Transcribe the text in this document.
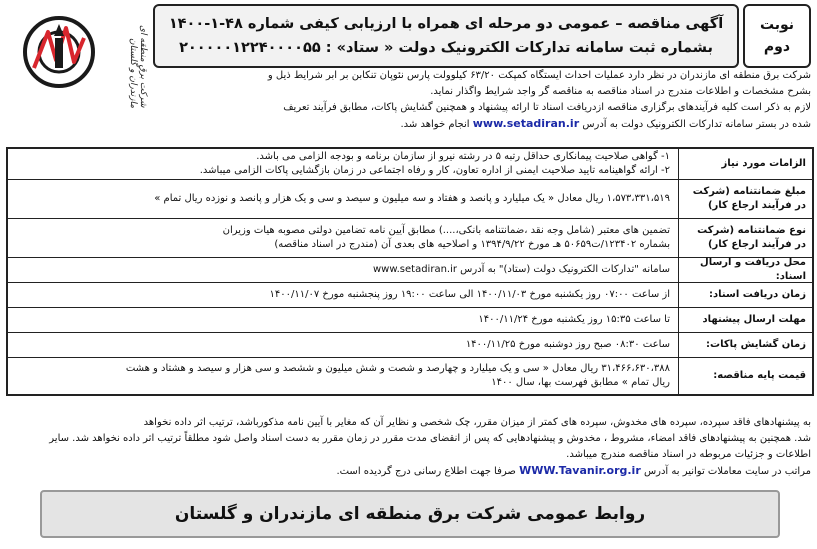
نوبت
دوم
آگهی مناقصه – عمومی دو مرحله ای همراه با ارزیابی کیفی شماره ۴۸-۱-۱۴۰۰
بشماره ثبت سامانه تدارکات الکترونیک دولت « ستاد» : ۲۰۰۰۰۰۱۲۲۴۰۰۰۰۵۵
شرکت برق منطقه ای مازندران و گلستان	شرکت برق منطقه ای مازندران در نظر دارد عملیات احداث ایستگاه کمپکت ۶۳/۲۰ کیلوولت پارس نئوپان تنکابن بر ابر شرایط ذیل و

بشرح مشخصات و اطلاعات مندرج در اسناد مناقصه به مناقصه گر واجد شرایط واگذار نماید.

لازم به ذکر است کلیه فرآیندهای برگزاری مناقصه ازدریافت اسناد تا ارائه پیشنهاد و همچنین گشایش پاکات، مطابق فرآیند تعریف

شده در بستر سامانه تدارکات الکترونیک دولت به آدرس www.setadiran.ir انجام خواهد شد.

الزامات مورد نیاز
۱- گواهی صلاحیت پیمانکاری حداقل رتبه ۵ در رشته نیرو از سازمان برنامه و بودجه الزامی می باشد.
۲- ارائه گواهینامه تایید صلاحیت ایمنی از اداره تعاون، کار و رفاه اجتماعی در زمان بازگشایی پاکات الزامی میباشد.
مبلغ ضمانتنامه (شرکت در فرآیند ارجاع کار)
۱،۵۷۳،۳۳۱،۵۱۹ ریال معادل « یک میلیارد و پانصد و هفتاد و سه میلیون و سیصد و سی و یک هزار و پانصد و نوزده ریال تمام »
نوع ضمانتنامه (شرکت در فرآیند ارجاع کار)
تضمین های معتبر (شامل وجه نقد ،ضمانتنامه بانکی،....) مطابق آیین نامه تضامین دولتی مصوبه هیات وزیران
بشماره ۱۲۳۴۰۲/ت۵۰۶۵۹ هـ مورخ ۱۳۹۴/۹/۲۲ و اصلاحیه های بعدی آن (مندرج در اسناد مناقصه)
محل دریافت و ارسال اسناد:
سامانه "تدارکات الکترونیک دولت (ستاد)" به آدرس www.setadiran.ir
زمان دریافت اسناد:
از ساعت ۰۷:۰۰ روز یکشنبه مورخ ۱۴۰۰/۱۱/۰۳ الی ساعت ۱۹:۰۰ روز پنجشنبه مورخ ۱۴۰۰/۱۱/۰۷
مهلت ارسال پیشنهاد
تا ساعت ۱۵:۳۵ روز یکشنبه مورخ ۱۴۰۰/۱۱/۲۴
زمان گشایش پاکات:
ساعت ۰۸:۳۰ صبح روز دوشنبه مورخ ۱۴۰۰/۱۱/۲۵
قیمت پایه مناقصه:
۳۱،۴۶۶،۶۳۰،۳۸۸ ریال معادل « سی و یک میلیارد و چهارصد و شصت و شش میلیون و ششصد و سی هزار و سیصد و هشتاد و هشت
ریال تمام » مطابق فهرست بها، سال ۱۴۰۰

به پیشنهادهای فاقد سپرده، سپرده های مخدوش، سپرده های کمتر از میزان مقرر، چک شخصی و نظایر آن که مغایر با آیین نامه مذکورباشد، ترتیب اثر داده نخواهد

شد. همچنین به پیشنهادهای فاقد امضاء، مشروط ، مخدوش و پیشنهادهایی که پس از انقضای مدت مقرر در زمان مقرر به دست اسناد واصل شود مطلقاً ترتیب اثر داده نخواهد شد. سایر

اطلاعات و جزئیات مربوطه در اسناد مناقصه مندرج میباشد.

مراتب در سایت معاملات توانیر به آدرس WWW.Tavanir.org.ir صرفا جهت اطلاع رسانی درج گردیده است.

روابط عمومی شرکت برق منطقه ای مازندران و گلستان
